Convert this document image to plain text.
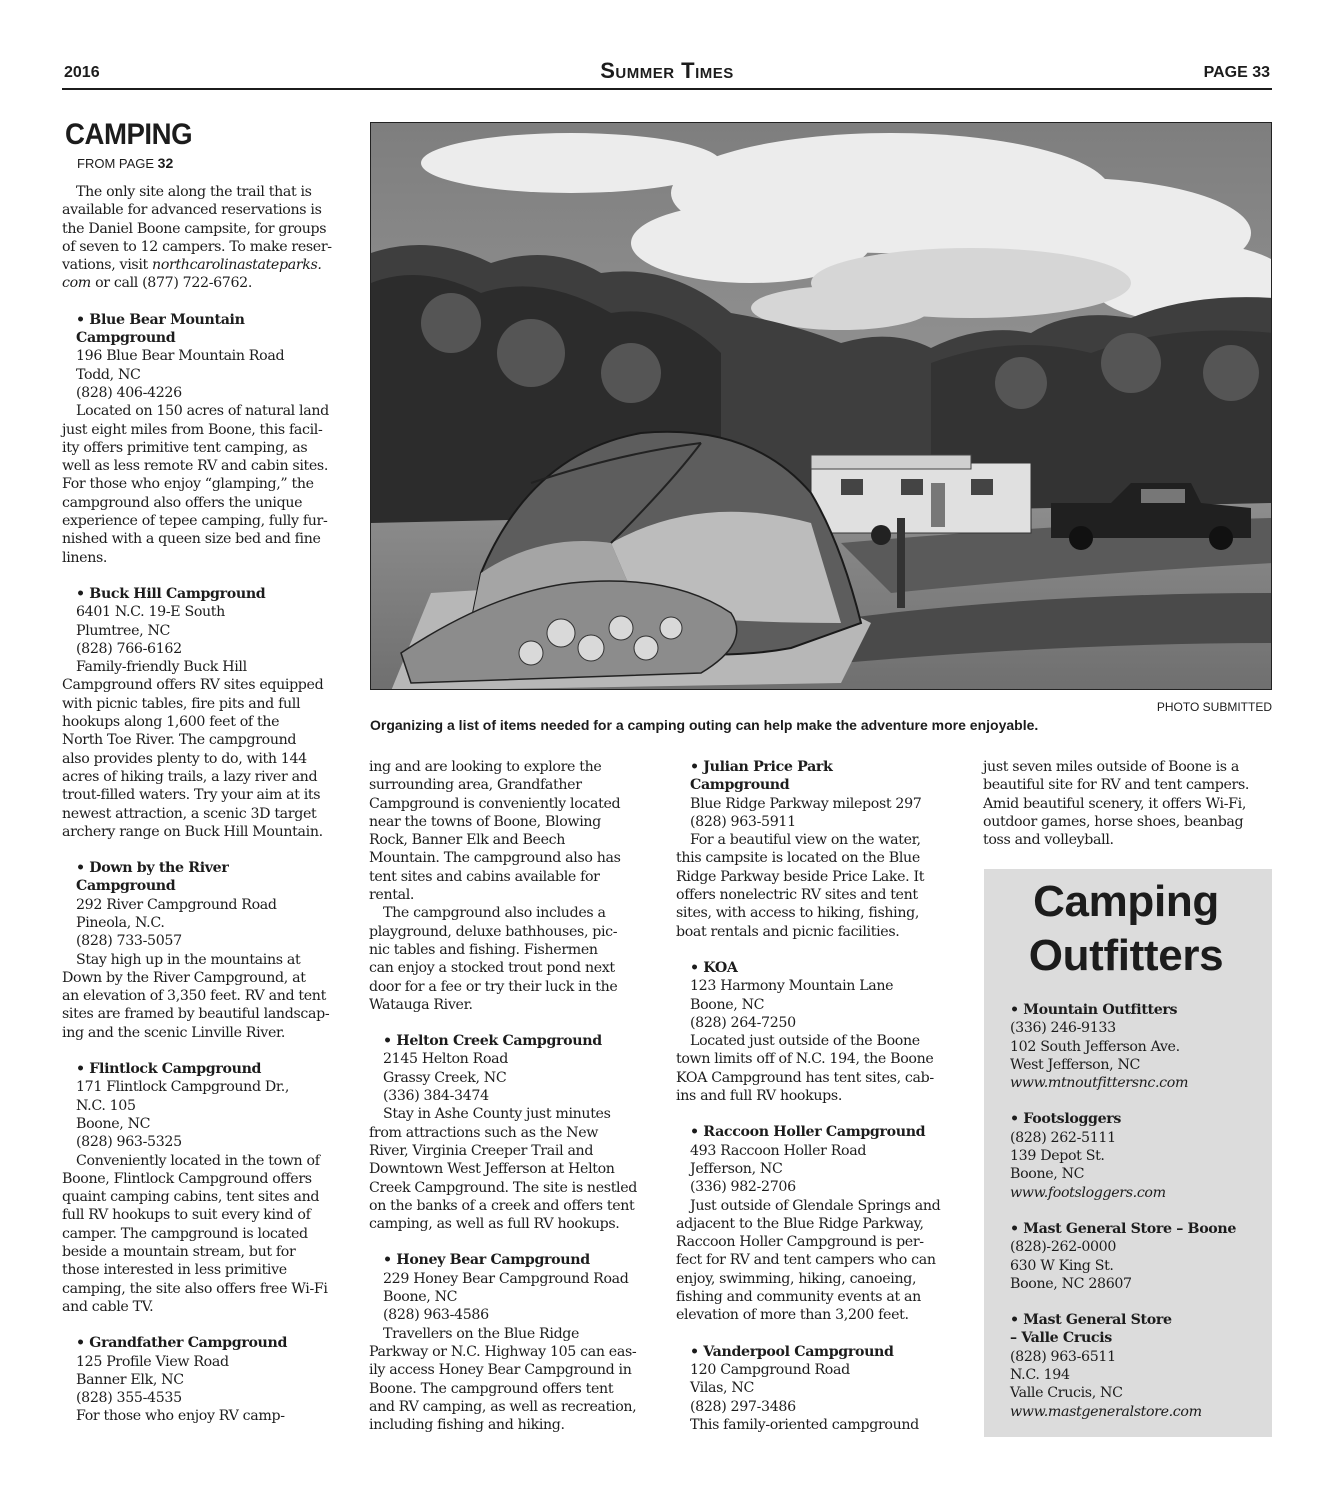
2016	Summer Times	PAGE 33
CAMPING
FROM PAGE 32

The only site along the trail that is

available for advanced reservations is

the Daniel Boone campsite, for groups

of seven to 12 campers. To make reser-

vations, visit northcarolinastateparks.

com or call (877) 722-6762.

• Blue Bear Mountain

Campground

196 Blue Bear Mountain Road

Todd, NC

(828) 406-4226

Located on 150 acres of natural land

just eight miles from Boone, this facil-

ity offers primitive tent camping, as

well as less remote RV and cabin sites.

For those who enjoy “glamping,” the

campground also offers the unique

experience of tepee camping, fully fur-

nished with a queen size bed and fine

linens.

• Buck Hill Campground

6401 N.C. 19-E South

Plumtree, NC

(828) 766-6162

Family-friendly Buck Hill

Campground offers RV sites equipped

with picnic tables, fire pits and full

hookups along 1,600 feet of the

North Toe River. The campground

also provides plenty to do, with 144

acres of hiking trails, a lazy river and

trout-filled waters. Try your aim at its

newest attraction, a scenic 3D target

archery range on Buck Hill Mountain.

• Down by the River

Campground

292 River Campground Road

Pineola, N.C.

(828) 733-5057

Stay high up in the mountains at

Down by the River Campground, at

an elevation of 3,350 feet. RV and tent

sites are framed by beautiful landscap-

ing and the scenic Linville River.

• Flintlock Campground

171 Flintlock Campground Dr.,

N.C. 105

Boone, NC

(828) 963-5325

Conveniently located in the town of

Boone, Flintlock Campground offers

quaint camping cabins, tent sites and

full RV hookups to suit every kind of

camper. The campground is located

beside a mountain stream, but for

those interested in less primitive

camping, the site also offers free Wi-Fi

and cable TV.

• Grandfather Campground

125 Profile View Road

Banner Elk, NC

(828) 355-4535

For those who enjoy RV camp-

PHOTO SUBMITTED
Organizing a list of items needed for a camping outing can help make the adventure more enjoyable.

ing and are looking to explore the

surrounding area, Grandfather

Campground is conveniently located

near the towns of Boone, Blowing

Rock, Banner Elk and Beech

Mountain. The campground also has

tent sites and cabins available for

rental.

The campground also includes a

playground, deluxe bathhouses, pic-

nic tables and fishing. Fishermen

can enjoy a stocked trout pond next

door for a fee or try their luck in the

Watauga River.

• Helton Creek Campground

2145 Helton Road

Grassy Creek, NC

(336) 384-3474

Stay in Ashe County just minutes

from attractions such as the New

River, Virginia Creeper Trail and

Downtown West Jefferson at Helton

Creek Campground. The site is nestled

on the banks of a creek and offers tent

camping, as well as full RV hookups.

• Honey Bear Campground

229 Honey Bear Campground Road

Boone, NC

(828) 963-4586

Travellers on the Blue Ridge

Parkway or N.C. Highway 105 can eas-

ily access Honey Bear Campground in

Boone. The campground offers tent

and RV camping, as well as recreation,

including fishing and hiking.

• Julian Price Park

Campground

Blue Ridge Parkway milepost 297

(828) 963-5911

For a beautiful view on the water,

this campsite is located on the Blue

Ridge Parkway beside Price Lake. It

offers nonelectric RV sites and tent

sites, with access to hiking, fishing,

boat rentals and picnic facilities.

• KOA

123 Harmony Mountain Lane

Boone, NC

(828) 264-7250

Located just outside of the Boone

town limits off of N.C. 194, the Boone

KOA Campground has tent sites, cab-

ins and full RV hookups.

• Raccoon Holler Campground

493 Raccoon Holler Road

Jefferson, NC

(336) 982-2706

Just outside of Glendale Springs and

adjacent to the Blue Ridge Parkway,

Raccoon Holler Campground is per-

fect for RV and tent campers who can

enjoy, swimming, hiking, canoeing,

fishing and community events at an

elevation of more than 3,200 feet.

• Vanderpool Campground

120 Campground Road

Vilas, NC

(828) 297-3486

This family-oriented campground

just seven miles outside of Boone is a

beautiful site for RV and tent campers.

Amid beautiful scenery, it offers Wi-Fi,

outdoor games, horse shoes, beanbag

toss and volleyball.

Camping
Outfitters

• Mountain Outfitters

(336) 246-9133

102 South Jefferson Ave.

West Jefferson, NC

www.mtnoutfittersnc.com

• Footsloggers

(828) 262-5111

139 Depot St.

Boone, NC

www.footsloggers.com

• Mast General Store – Boone

(828)-262-0000

630 W King St.

Boone, NC 28607

• Mast General Store

– Valle Crucis

(828) 963-6511

N.C. 194

Valle Crucis, NC

www.mastgeneralstore.com
